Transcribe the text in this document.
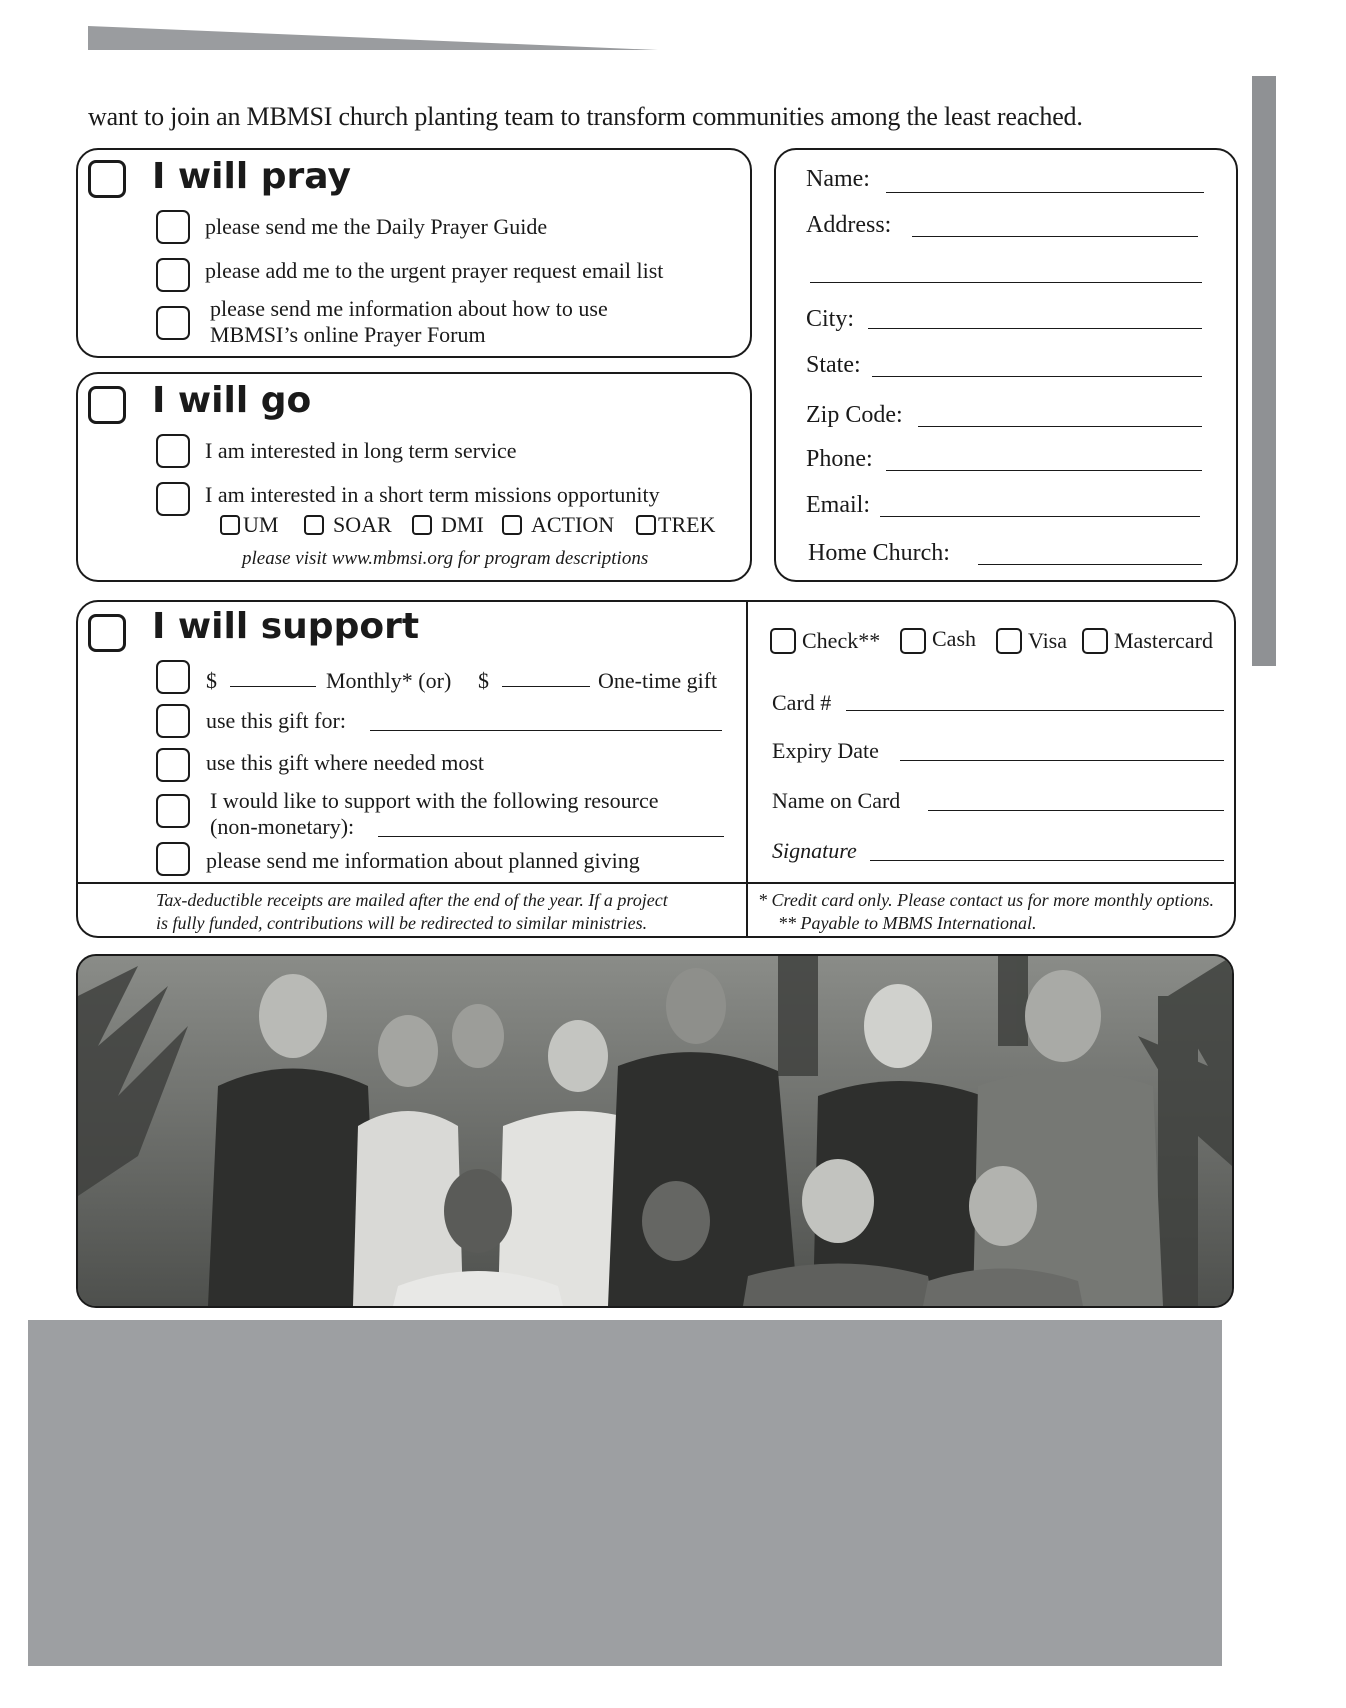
want to join an MBMSI church planting team to transform communities among the least reached.
I will pray
please send me the Daily Prayer Guide
please add me to the urgent prayer request email list
please send me information about how to use
MBMSI’s online Prayer Forum
I will go
I am interested in long term service
I am interested in a short term missions opportunity
UM SOAR DMI ACTION TREK
please visit www.mbmsi.org for program descriptions
Name:
Address:
City:
State:
Zip Code:
Phone:
Email:
Home Church:
I will support
$	Monthly* (or) $	One-time gift
use this gift for:
use this gift where needed most
I would like to support with the following resource
(non-monetary):
please send me information about planned giving
Tax-deductible receipts are mailed after the end of the year. If a project
is fully funded, contributions will be redirected to similar ministries.
Check** Cash Visa Mastercard
Card #
Expiry Date
Name on Card
Signature
* Credit card only. Please contact us for more monthly options.
** Payable to MBMS International.
